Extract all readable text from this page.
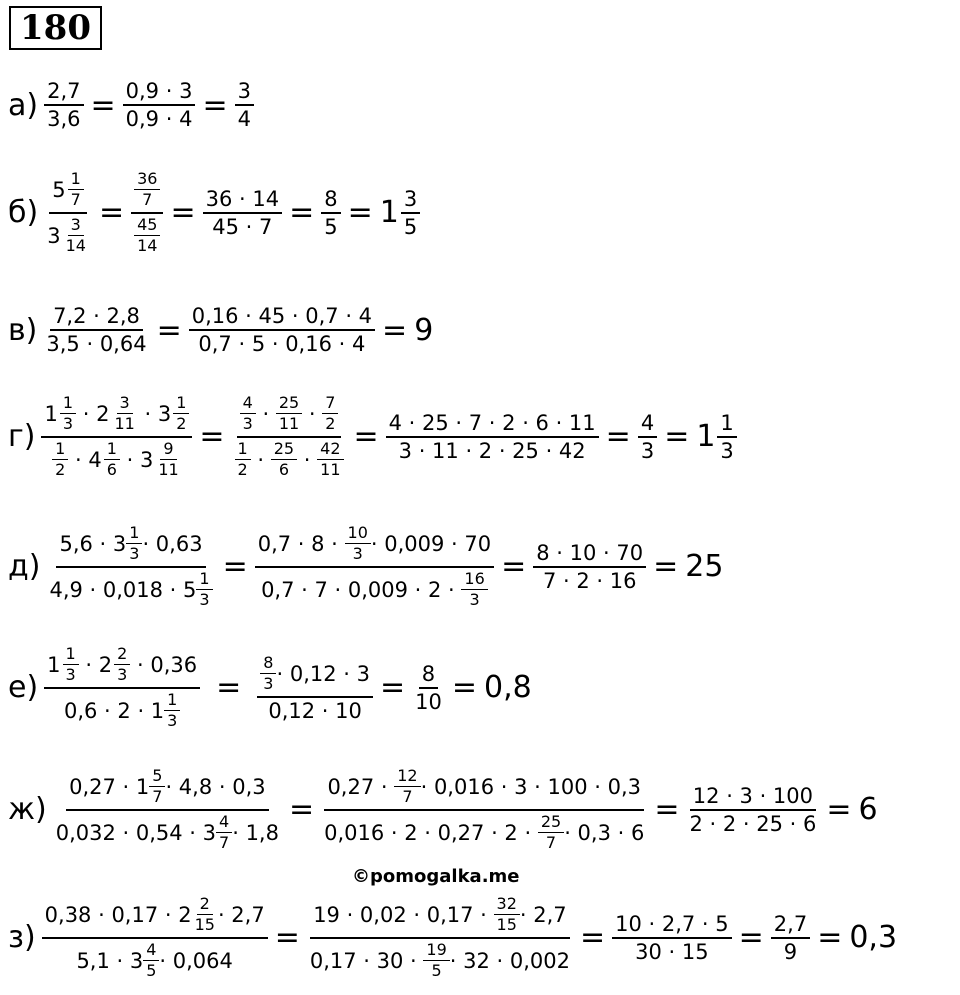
180
$а) \frac{2,7}{3,6} = \frac{0,9 \cdot 3}{0,9 \cdot 4} = \frac{3}{4}$
$б) \frac{5 \frac{1}{7}}{3 \frac{3}{14}} = \frac{\frac{36}{7}}{\frac{45}{14}} = \frac{36 \cdot 14}{45 \cdot 7} = \frac{8}{5} = 1 \frac{3}{5}$
$в) \frac{7,2 \cdot 2,8}{3,5 \cdot 0,64} = \frac{0,16 \cdot 45 \cdot 0,7 \cdot 4}{0,7 \cdot 5 \cdot 0,16 \cdot 4} = 9$
$г) \frac{1 \frac{1}{3} \cdot 2 \frac{3}{11} \cdot 3 \frac{1}{2}}{\frac{1}{2} \cdot 4 \frac{1}{6} \cdot 3 \frac{9}{11}} = \frac{\frac{4}{3} \cdot \frac{25}{11} \cdot \frac{7}{2}}{\frac{1}{2} \cdot \frac{25}{6} \cdot \frac{42}{11}} = \frac{4 \cdot 25 \cdot 7 \cdot 2 \cdot 6 \cdot 11}{3 \cdot 11 \cdot 2 \cdot 25 \cdot 42} = \frac{4}{3} = 1 \frac{1}{3}$
$д) \frac{5,6 \cdot 3 \frac{1}{3} \cdot 0,63}{4,9 \cdot 0,018 \cdot 5 \frac{1}{3}} = 0,7 \cdot 8$ ·
$\frac{10}{3} \cdot 0,009 \cdot 70$
0,7 · 7 · 0,009 · 2 ·
$\frac{16}{3} = \frac{8 \cdot 10 \cdot 70}{7 \cdot 2 \cdot 16} = 25$
е) $1 \frac{1}{3}$
·
$2 \frac{2}{3}$
· 0,36
$0,6 \cdot 2 \cdot 1 \frac{1}{3} = \frac{\frac{8}{3} \cdot 0,12 \cdot 3}{0,12 \cdot 10} = \frac{8}{10} = 0,8$
$ж) \frac{0,27 \cdot 1 \frac{5}{7} \cdot 4,8 \cdot 0,3}{0,032 \cdot 0,54 \cdot 3 \frac{4}{7} \cdot 1,8} = 0,27$ ·
$\frac{12}{7} \cdot 0,016 \cdot 3 \cdot 100 \cdot 0,3$
0,016 · 2 · 0,27 · 2 ·
$\frac{25}{7} \cdot 0,3 \cdot 6 = \frac{12 \cdot 3 \cdot 100}{2 \cdot 2 \cdot 25 \cdot 6} = 6$
©pomogalka.me
$з) \frac{0,38 \cdot 0,17 \cdot 2 \frac{2}{15} \cdot 2,7}{5,1 \cdot 3 \frac{4}{5} \cdot 0,064} = 19 \cdot 0,02 \cdot 0,17$ ·
$\frac{32}{15} \cdot 2,7$
0,17 · 30 ·
$\frac{19}{5} \cdot 32 \cdot 0,002 = \frac{10 \cdot 2,7 \cdot 5}{30 \cdot 15} = \frac{2,7}{9} = 0,3$
